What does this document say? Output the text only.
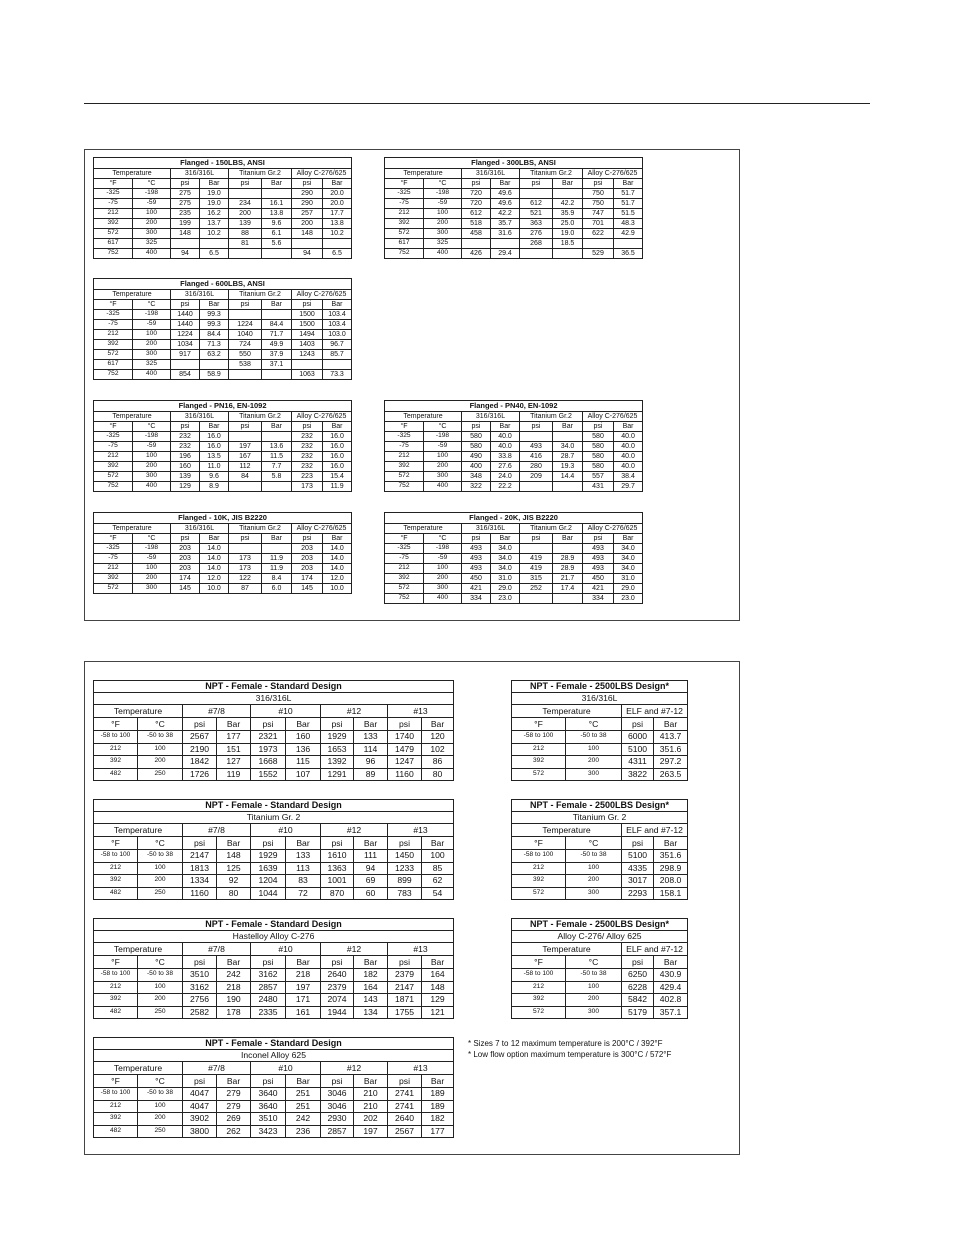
* Sizes 7 to 12 maximum temperature is 200°C / 392°F
* Low flow option maximum temperature is 300°C / 572°F
Flanged - 150LBS, ANSI							
Temperature		316/316L		Titanium Gr.2		Alloy C-276/625	
°F	°C	psi	Bar	psi	Bar	psi	Bar
-325	-198	275	19.0			290	20.0
-75	-59	275	19.0	234	16.1	290	20.0
212	100	235	16.2	200	13.8	257	17.7
392	200	199	13.7	139	9.6	200	13.8
572	300	148	10.2	88	6.1	148	10.2
617	325			81	5.6		
752	400	94	6.5			94	6.5
Flanged - 300LBS, ANSI							
Temperature		316/316L		Titanium Gr.2		Alloy C-276/625	
°F	°C	psi	Bar	psi	Bar	psi	Bar
-325	-198	720	49.6			750	51.7
-75	-59	720	49.6	612	42.2	750	51.7
212	100	612	42.2	521	35.9	747	51.5
392	200	518	35.7	363	25.0	701	48.3
572	300	458	31.6	276	19.0	622	42.9
617	325			268	18.5		
752	400	426	29.4			529	36.5
Flanged - 600LBS, ANSI							
Temperature		316/316L		Titanium Gr.2		Alloy C-276/625	
°F	°C	psi	Bar	psi	Bar	psi	Bar
-325	-198	1440	99.3			1500	103.4
-75	-59	1440	99.3	1224	84.4	1500	103.4
212	100	1224	84.4	1040	71.7	1494	103.0
392	200	1034	71.3	724	49.9	1403	96.7
572	300	917	63.2	550	37.9	1243	85.7
617	325			538	37.1		
752	400	854	58.9			1063	73.3
Flanged - PN16, EN-1092							
Temperature		316/316L		Titanium Gr.2		Alloy C-276/625	
°F	°C	psi	Bar	psi	Bar	psi	Bar
-325	-198	232	16.0			232	16.0
-75	-59	232	16.0	197	13.6	232	16.0
212	100	196	13.5	167	11.5	232	16.0
392	200	160	11.0	112	7.7	232	16.0
572	300	139	9.6	84	5.8	223	15.4
752	400	129	8.9			173	11.9
Flanged - PN40, EN-1092							
Temperature		316/316L		Titanium Gr.2		Alloy C-276/625	
°F	°C	psi	Bar	psi	Bar	psi	Bar
-325	-198	580	40.0			580	40.0
-75	-59	580	40.0	493	34.0	580	40.0
212	100	490	33.8	416	28.7	580	40.0
392	200	400	27.6	280	19.3	580	40.0
572	300	348	24.0	209	14.4	557	38.4
752	400	322	22.2			431	29.7
Flanged - 10K, JIS B2220							
Temperature		316/316L		Titanium Gr.2		Alloy C-276/625	
°F	°C	psi	Bar	psi	Bar	psi	Bar
-325	-198	203	14.0			203	14.0
-75	-59	203	14.0	173	11.9	203	14.0
212	100	203	14.0	173	11.9	203	14.0
392	200	174	12.0	122	8.4	174	12.0
572	300	145	10.0	87	6.0	145	10.0
Flanged - 20K, JIS B2220							
Temperature		316/316L		Titanium Gr.2		Alloy C-276/625	
°F	°C	psi	Bar	psi	Bar	psi	Bar
-325	-198	493	34.0			493	34.0
-75	-59	493	34.0	419	28.9	493	34.0
212	100	493	34.0	419	28.9	493	34.0
392	200	450	31.0	315	21.7	450	31.0
572	300	421	29.0	252	17.4	421	29.0
752	400	334	23.0			334	23.0
NPT - Female - Standard Design									
316/316L									
Temperature		#7/8		#10		#12		#13	
°F	°C	psi	Bar	psi	Bar	psi	Bar	psi	Bar
-58 to 100	-50 to 38	2567	177	2321	160	1929	133	1740	120
212	100	2190	151	1973	136	1653	114	1479	102
392	200	1842	127	1668	115	1392	96	1247	86
482	250	1726	119	1552	107	1291	89	1160	80
NPT - Female - Standard Design									
Titanium Gr. 2									
Temperature		#7/8		#10		#12		#13	
°F	°C	psi	Bar	psi	Bar	psi	Bar	psi	Bar
-58 to 100	-50 to 38	2147	148	1929	133	1610	111	1450	100
212	100	1813	125	1639	113	1363	94	1233	85
392	200	1334	92	1204	83	1001	69	899	62
482	250	1160	80	1044	72	870	60	783	54
NPT - Female - Standard Design									
Hastelloy Alloy C-276									
Temperature		#7/8		#10		#12		#13	
°F	°C	psi	Bar	psi	Bar	psi	Bar	psi	Bar
-58 to 100	-50 to 38	3510	242	3162	218	2640	182	2379	164
212	100	3162	218	2857	197	2379	164	2147	148
392	200	2756	190	2480	171	2074	143	1871	129
482	250	2582	178	2335	161	1944	134	1755	121
NPT - Female - Standard Design									
Inconel Alloy 625									
Temperature		#7/8		#10		#12		#13	
°F	°C	psi	Bar	psi	Bar	psi	Bar	psi	Bar
-58 to 100	-50 to 38	4047	279	3640	251	3046	210	2741	189
212	100	4047	279	3640	251	3046	210	2741	189
392	200	3902	269	3510	242	2930	202	2640	182
482	250	3800	262	3423	236	2857	197	2567	177
NPT - Female - 2500LBS Design*			
316/316L			
Temperature		ELF and #7-12	
°F	°C	psi	Bar
-58 to 100	-50 to 38	6000	413.7
212	100	5100	351.6
392	200	4311	297.2
572	300	3822	263.5
NPT - Female - 2500LBS Design*			
Titanium Gr. 2			
Temperature		ELF and #7-12	
°F	°C	psi	Bar
-58 to 100	-50 to 38	5100	351.6
212	100	4335	298.9
392	200	3017	208.0
572	300	2293	158.1
NPT - Female - 2500LBS Design*			
Alloy C-276/ Alloy 625			
Temperature		ELF and #7-12	
°F	°C	psi	Bar
-58 to 100	-50 to 38	6250	430.9
212	100	6228	429.4
392	200	5842	402.8
572	300	5179	357.1
